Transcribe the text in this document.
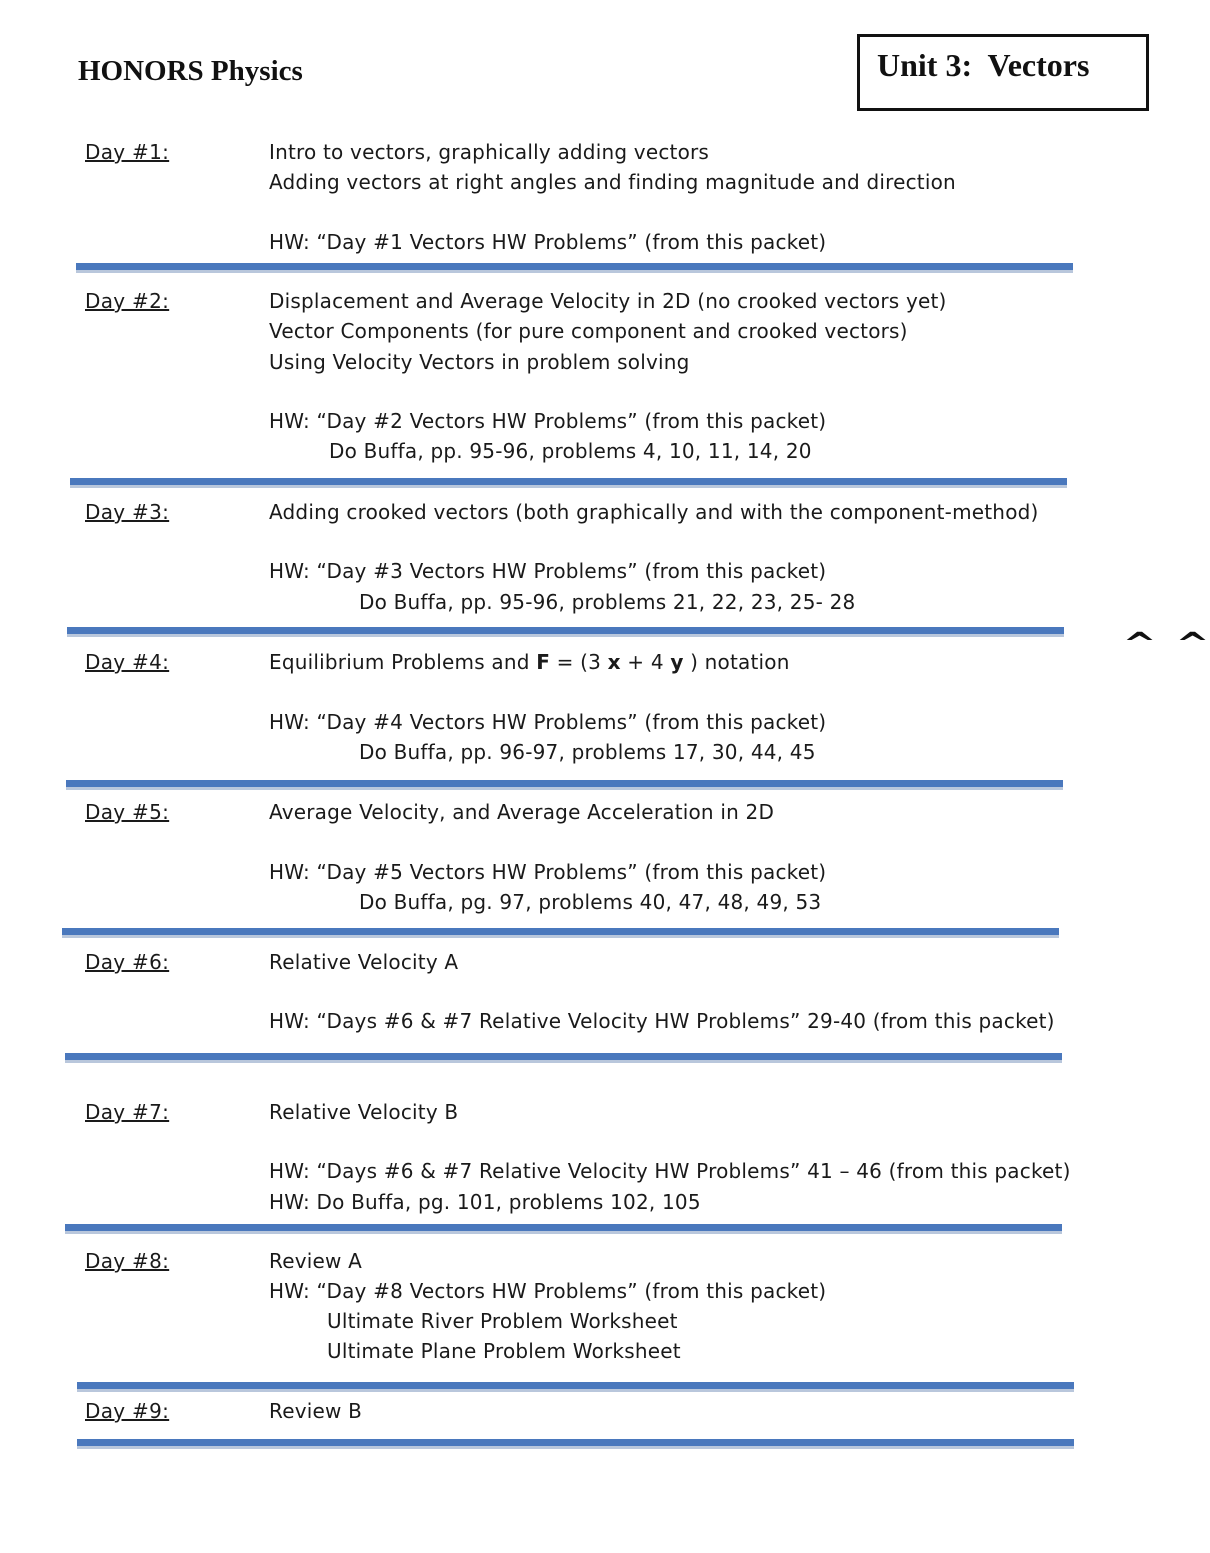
HONORS Physics	Unit 3:  Vectors
Day #1:	Intro to vectors, graphically adding vectors
Adding vectors at right angles and finding magnitude and direction
HW: “Day #1 Vectors HW Problems” (from this packet)
Day #2:	Displacement and Average Velocity in 2D (no crooked vectors yet)
Vector Components (for pure component and crooked vectors)
Using Velocity Vectors in problem solving
HW: “Day #2 Vectors HW Problems” (from this packet)
Do Buffa, pp. 95-96, problems 4, 10, 11, 14, 20
Day #3:	Adding crooked vectors (both graphically and with the component-method)
HW: “Day #3 Vectors HW Problems” (from this packet)
Do Buffa, pp. 95-96, problems 21, 22, 23, 25- 28
Day #4:	Equilibrium Problems and F = (3 x + 4 y ) notation
HW: “Day #4 Vectors HW Problems” (from this packet)
Do Buffa, pp. 96-97, problems 17, 30, 44, 45
Day #5:	Average Velocity, and Average Acceleration in 2D
HW: “Day #5 Vectors HW Problems” (from this packet)
Do Buffa, pg. 97, problems 40, 47, 48, 49, 53
Day #6:	Relative Velocity A
HW: “Days #6 & #7 Relative Velocity HW Problems” 29-40 (from this packet)
Day #7:	Relative Velocity B
HW: “Days #6 & #7 Relative Velocity HW Problems” 41 – 46 (from this packet)
HW: Do Buffa, pg. 101, problems 102, 105
Day #8:	Review A
HW: “Day #8 Vectors HW Problems” (from this packet)
Ultimate River Problem Worksheet
Ultimate Plane Problem Worksheet
Day #9:	Review B
^ ^
